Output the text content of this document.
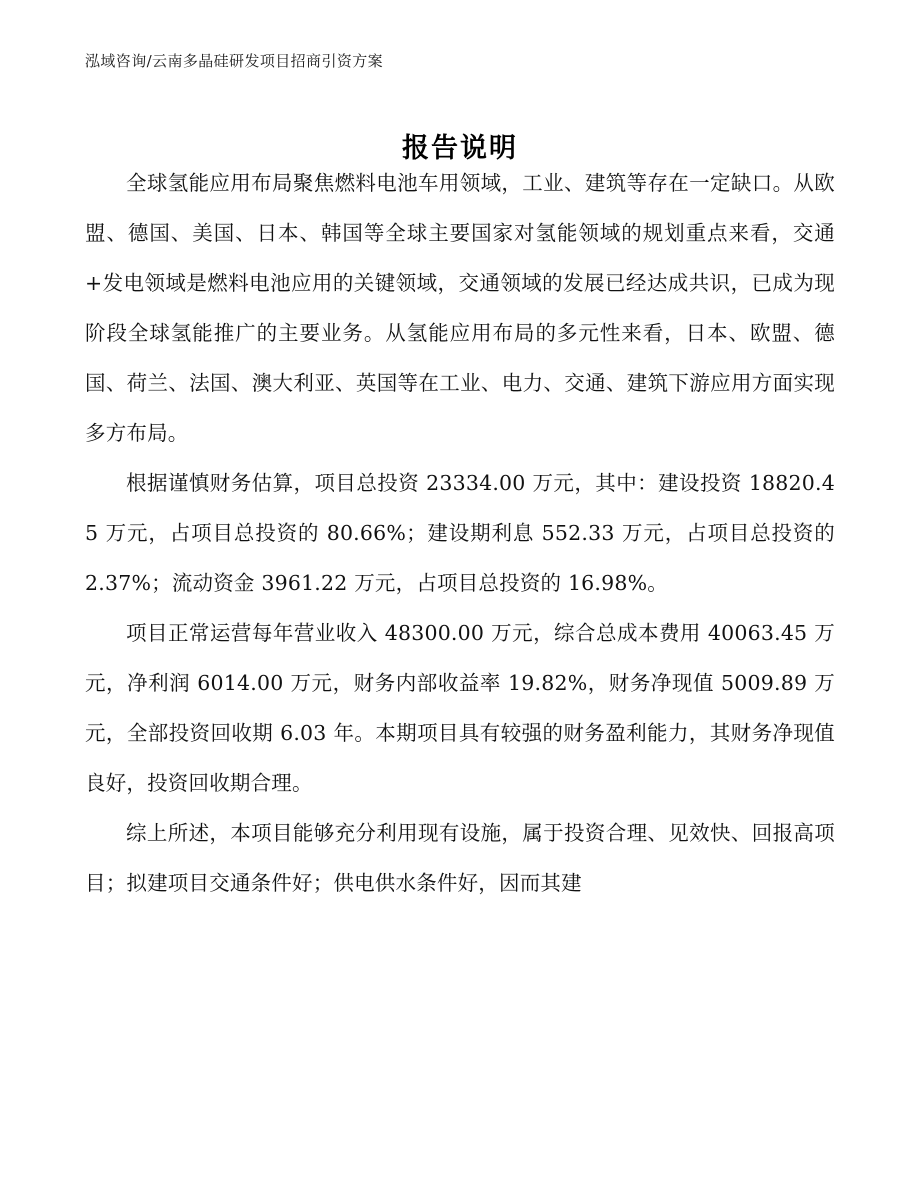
泓域咨询/云南多晶硅研发项目招商引资方案
报告说明

全球氢能应用布局聚焦燃料电池车用领域，工业、建筑等存在一定缺口。从欧盟、德国、美国、日本、韩国等全球主要国家对氢能领域的规划重点来看，交通+发电领域是燃料电池应用的关键领域，交通领域的发展已经达成共识，已成为现阶段全球氢能推广的主要业务。从氢能应用布局的多元性来看，日本、欧盟、德国、荷兰、法国、澳大利亚、英国等在工业、电力、交通、建筑下游应用方面实现多方布局。

根据谨慎财务估算，项目总投资 23334.00 万元，其中：建设投资 18820.45 万元，占项目总投资的 80.66%；建设期利息 552.33 万元，占项目总投资的 2.37%；流动资金 3961.22 万元，占项目总投资的 16.98%。

项目正常运营每年营业收入 48300.00 万元，综合总成本费用 40063.45 万元，净利润 6014.00 万元，财务内部收益率 19.82%，财务净现值 5009.89 万元，全部投资回收期 6.03 年。本期项目具有较强的财务盈利能力，其财务净现值良好，投资回收期合理。

综上所述，本项目能够充分利用现有设施，属于投资合理、见效快、回报高项目；拟建项目交通条件好；供电供水条件好，因而其建
